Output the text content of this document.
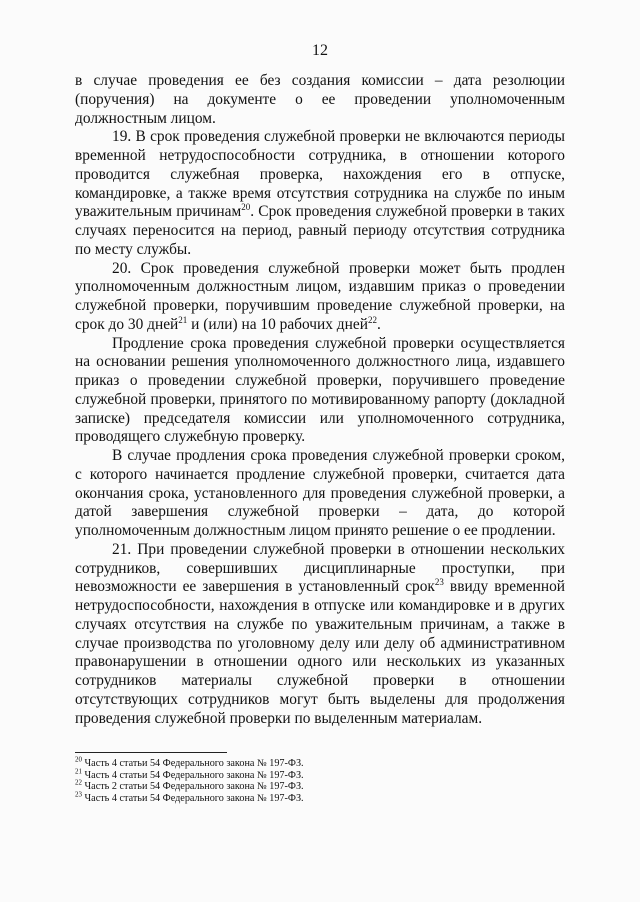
12

в случае проведения ее без создания комиссии – дата резолюции (поручения) на документе о ее проведении уполномоченным должностным лицом.

19. В срок проведения служебной проверки не включаются периоды временной нетрудоспособности сотрудника, в отношении которого проводится служебная проверка, нахождения его в отпуске, командировке, а также время отсутствия сотрудника на службе по иным уважительным причинам$^{20}$. Срок проведения служебной проверки в таких случаях переносится на период, равный периоду отсутствия сотрудника по месту службы.

20. Срок проведения служебной проверки может быть продлен уполномоченным должностным лицом, издавшим приказ о проведении служебной проверки, поручившим проведение служебной проверки, на срок до 30 дней$^{21}$ и (или) на 10 рабочих дней$^{22}$.

Продление срока проведения служебной проверки осуществляется на основании решения уполномоченного должностного лица, издавшего приказ о проведении служебной проверки, поручившего проведение служебной проверки, принятого по мотивированному рапорту (докладной записке) председателя комиссии или уполномоченного сотрудника, проводящего служебную проверку.

В случае продления срока проведения служебной проверки сроком, с которого начинается продление служебной проверки, считается дата окончания срока, установленного для проведения служебной проверки, а датой завершения служебной проверки – дата, до которой уполномоченным должностным лицом принято решение о ее продлении.

21. При проведении служебной проверки в отношении нескольких сотрудников, совершивших дисциплинарные проступки, при невозможности ее завершения в установленный срок$^{23}$ ввиду временной нетрудоспособности, нахождения в отпуске или командировке и в других случаях отсутствия на службе по уважительным причинам, а также в случае производства по уголовному делу или делу об административном правонарушении в отношении одного или нескольких из указанных сотрудников материалы служебной проверки в отношении отсутствующих сотрудников могут быть выделены для продолжения проведения служебной проверки по выделенным материалам.

$^{20}$ Часть 4 статьи 54 Федерального закона № 197-ФЗ.

$^{21}$ Часть 4 статьи 54 Федерального закона № 197-ФЗ.

$^{22}$ Часть 2 статьи 54 Федерального закона № 197-ФЗ.

$^{23}$ Часть 4 статьи 54 Федерального закона № 197-ФЗ.
